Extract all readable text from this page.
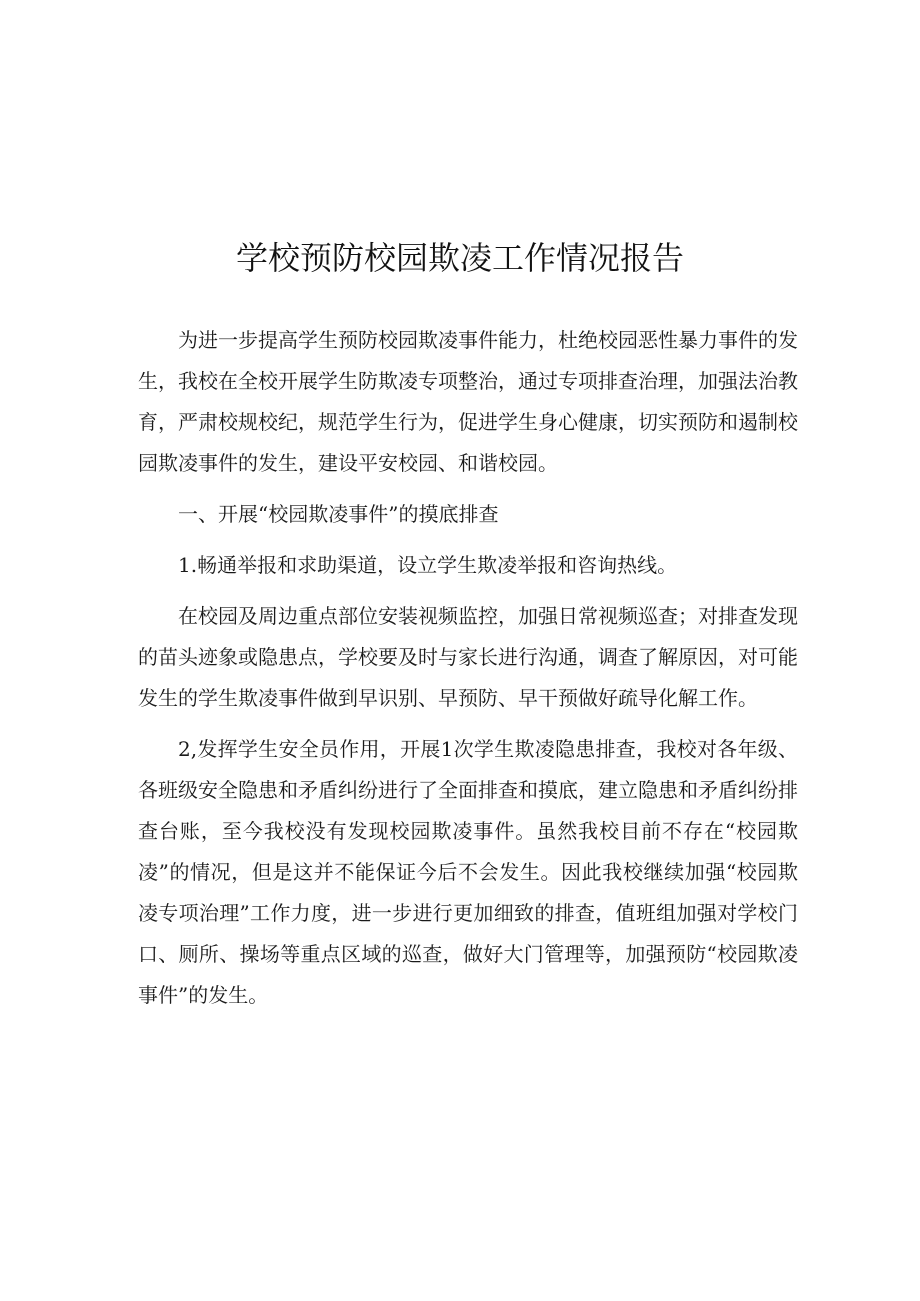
学校预防校园欺凌工作情况报告

为进一步提高学生预防校园欺凌事件能力，杜绝校园恶性暴力事件的发生，我校在全校开展学生防欺凌专项整治，通过专项排查治理，加强法治教育，严肃校规校纪，规范学生行为，促进学生身心健康，切实预防和遏制校园欺凌事件的发生，建设平安校园、和谐校园。

一、开展“校园欺凌事件”的摸底排查

1.畅通举报和求助渠道，设立学生欺凌举报和咨询热线。

在校园及周边重点部位安装视频监控，加强日常视频巡查；对排查发现的苗头迹象或隐患点，学校要及时与家长进行沟通，调查了解原因，对可能发生的学生欺凌事件做到早识别、早预防、早干预做好疏导化解工作。

2,发挥学生安全员作用，开展1次学生欺凌隐患排查，我校对各年级、各班级安全隐患和矛盾纠纷进行了全面排查和摸底，建立隐患和矛盾纠纷排查台账，至今我校没有发现校园欺凌事件。虽然我校目前不存在“校园欺凌”的情况，但是这并不能保证今后不会发生。因此我校继续加强“校园欺凌专项治理”工作力度，进一步进行更加细致的排查，值班组加强对学校门口、厕所、操场等重点区域的巡查，做好大门管理等，加强预防“校园欺凌事件”的发生。
